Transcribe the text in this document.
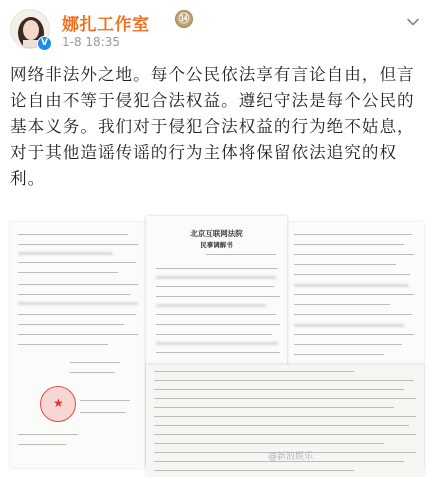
V
娜扎工作室	⑭
1-8 18:35
网络非法外之地。每个公民依法享有言论自由，但言论自由不等于侵犯合法权益。遵纪守法是每个公民的基本义务。我们对于侵犯合法权益的行为绝不姑息，对于其他造谣传谣的行为主体将保留依法追究的权利。
★
北京互联网法院
民事调解书
@新浪娱乐
